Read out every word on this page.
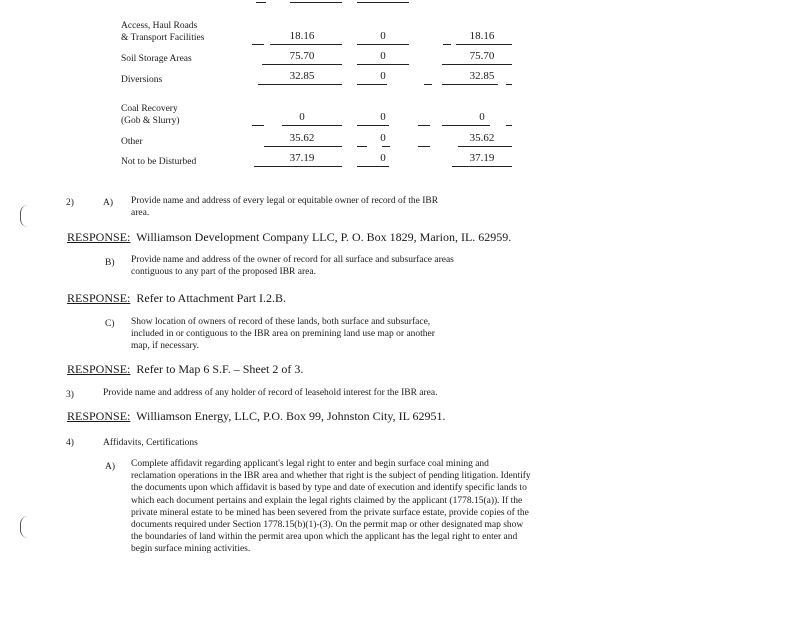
Access, Haul Roads
& Transport Facilities	18.16	0	18.16
Soil Storage Areas	75.70	0	75.70
Diversions	32.85	0	32.85
Coal Recovery
(Gob & Slurry)	0	0	0
Other	35.62	0	35.62
Not to be Disturbed	37.19	0	37.19
2)	A) Provide name and address of every legal or equitable owner of record of the IBR
area.
RESPONSE: Williamson Development Company LLC, P. O. Box 1829, Marion, IL. 62959.
B) Provide name and address of the owner of record for all surface and subsurface areas
contiguous to any part of the proposed IBR area.
RESPONSE: Refer to Attachment Part I.2.B.
C) Show location of owners of record of these lands, both surface and subsurface,
included in or contiguous to the IBR area on premining land use map or another
map, if necessary.
RESPONSE: Refer to Map 6 S.F. – Sheet 2 of 3.
3)	Provide name and address of any holder of record of leasehold interest for the IBR area.
RESPONSE: Williamson Energy, LLC, P.O. Box 99, Johnston City, IL 62951.
4)	Affidavits, Certifications
A) Complete affidavit regarding applicant's legal right to enter and begin surface coal mining and
reclamation operations in the IBR area and whether that right is the subject of pending litigation. Identify
the documents upon which affidavit is based by type and date of execution and identify specific lands to
which each document pertains and explain the legal rights claimed by the applicant (1778.15(a)). If the
private mineral estate to be mined has been severed from the private surface estate, provide copies of the
documents required under Section 1778.15(b)(1)-(3). On the permit map or other designated map show
the boundaries of land within the permit area upon which the applicant has the legal right to enter and
begin surface mining activities.
